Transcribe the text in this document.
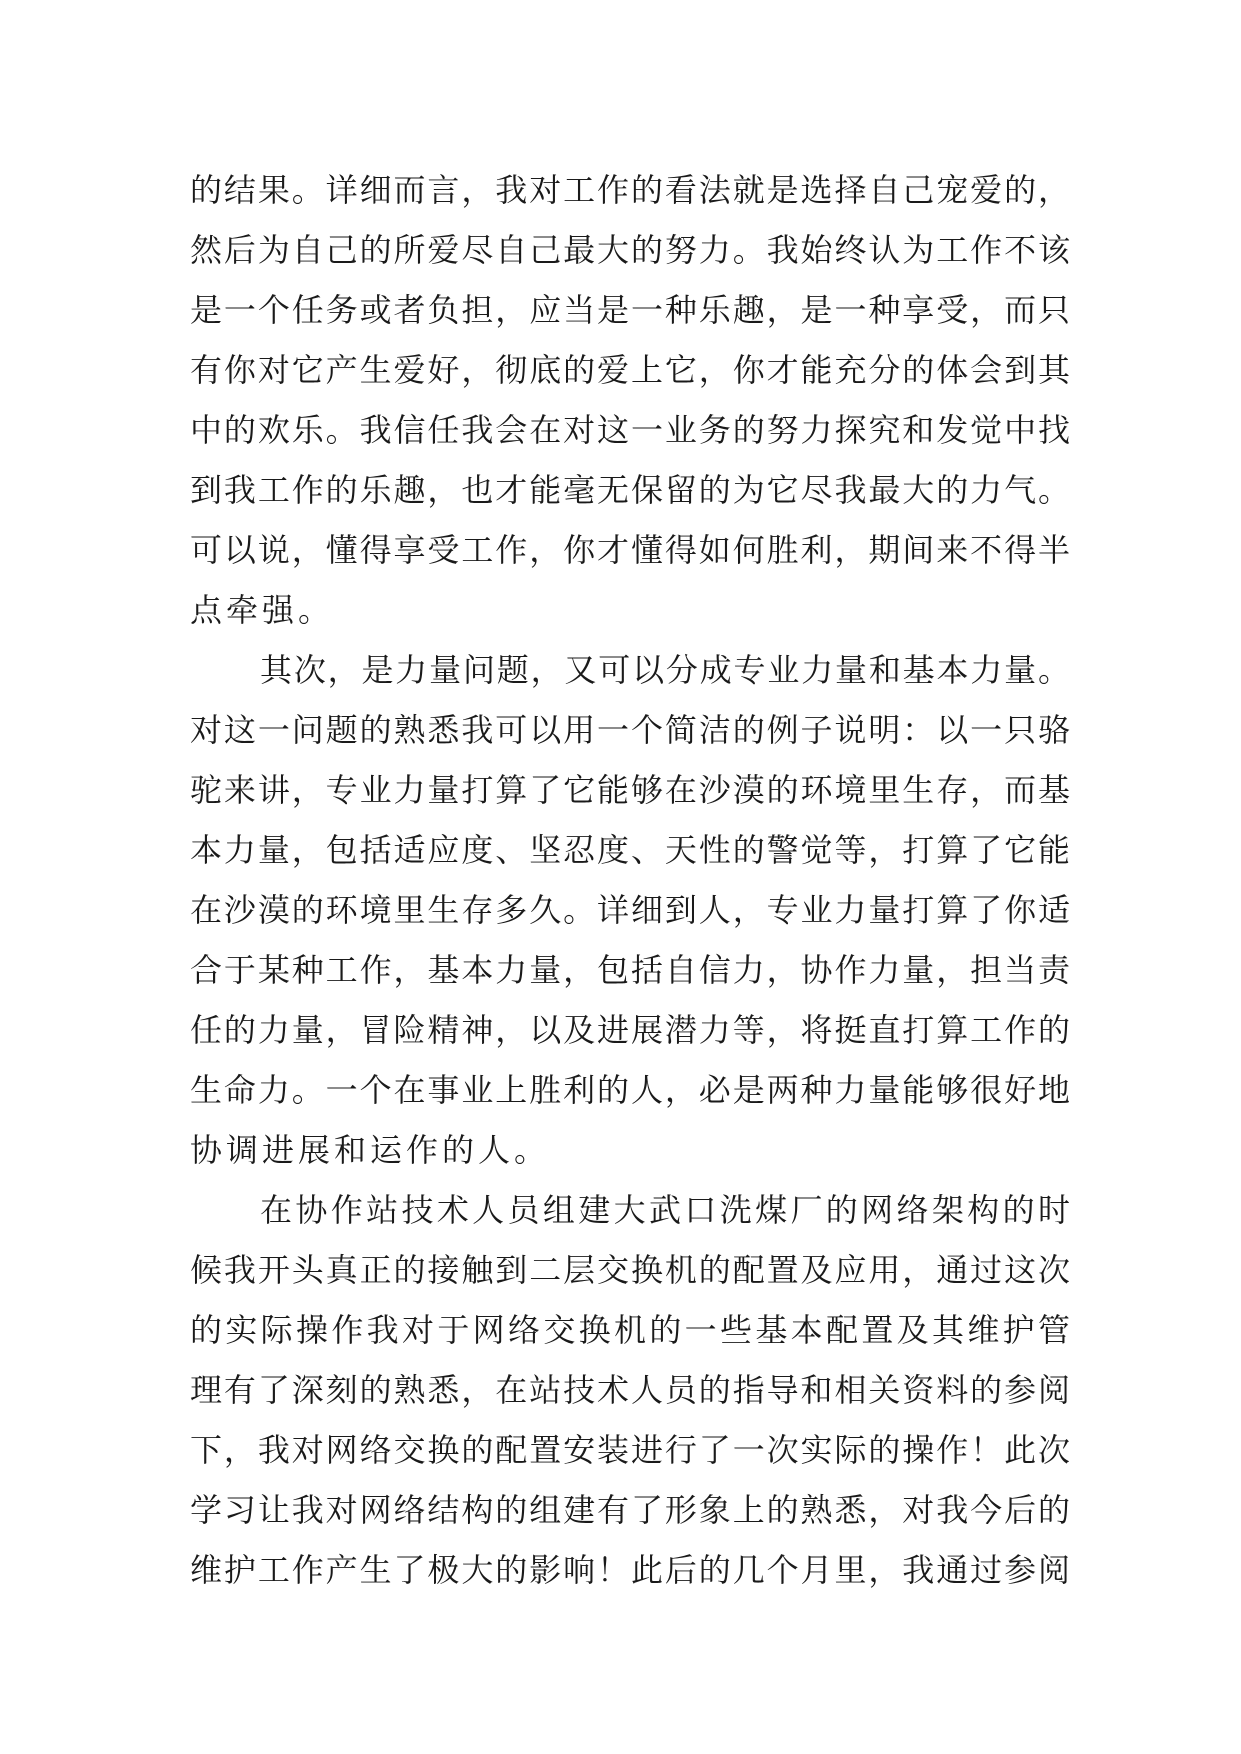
的结果。详细而言，我对工作的看法就是选择自己宠爱的，
然后为自己的所爱尽自己最大的努力。我始终认为工作不该
是一个任务或者负担，应当是一种乐趣，是一种享受，而只
有你对它产生爱好，彻底的爱上它，你才能充分的体会到其
中的欢乐。我信任我会在对这一业务的努力探究和发觉中找
到我工作的乐趣，也才能毫无保留的为它尽我最大的力气。
可以说，懂得享受工作，你才懂得如何胜利，期间来不得半
点牵强。
其次，是力量问题，又可以分成专业力量和基本力量。
对这一问题的熟悉我可以用一个简洁的例子说明：以一只骆
驼来讲，专业力量打算了它能够在沙漠的环境里生存，而基
本力量，包括适应度、坚忍度、天性的警觉等，打算了它能
在沙漠的环境里生存多久。详细到人，专业力量打算了你适
合于某种工作，基本力量，包括自信力，协作力量，担当责
任的力量，冒险精神，以及进展潜力等，将挺直打算工作的
生命力。一个在事业上胜利的人，必是两种力量能够很好地
协调进展和运作的人。
在协作站技术人员组建大武口洗煤厂的网络架构的时
候我开头真正的接触到二层交换机的配置及应用，通过这次
的实际操作我对于网络交换机的一些基本配置及其维护管
理有了深刻的熟悉，在站技术人员的指导和相关资料的参阅
下，我对网络交换的配置安装进行了一次实际的操作！此次
学习让我对网络结构的组建有了形象上的熟悉，对我今后的
维护工作产生了极大的影响！此后的几个月里，我通过参阅
